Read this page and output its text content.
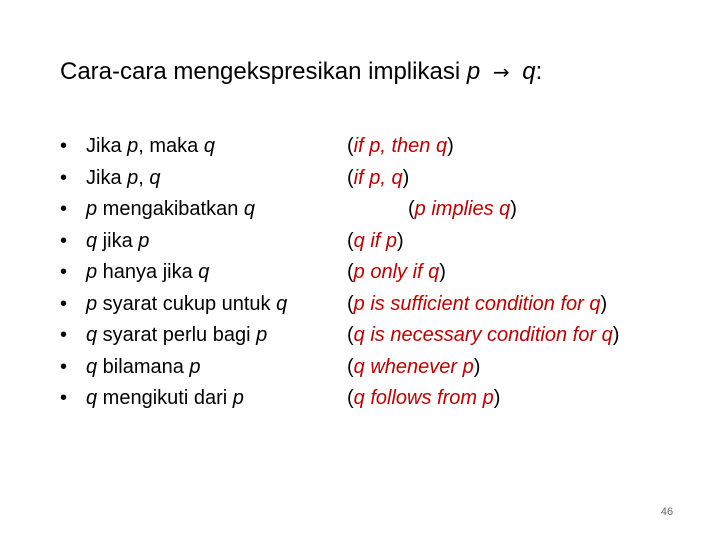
Cara-cara mengekspresikan implikasi p → q:
• Jika p, maka q	(if p, then q)
• Jika p, q	(if p, q)
• p mengakibatkan q	(p implies q)
• q jika p	(q if p)
• p hanya jika q	(p only if q)
• p syarat cukup untuk q	(p is sufficient condition for q)
• q syarat perlu bagi p	(q is necessary condition for q)
• q bilamana p	(q whenever p)
• q mengikuti dari p	(q follows from p)
46
